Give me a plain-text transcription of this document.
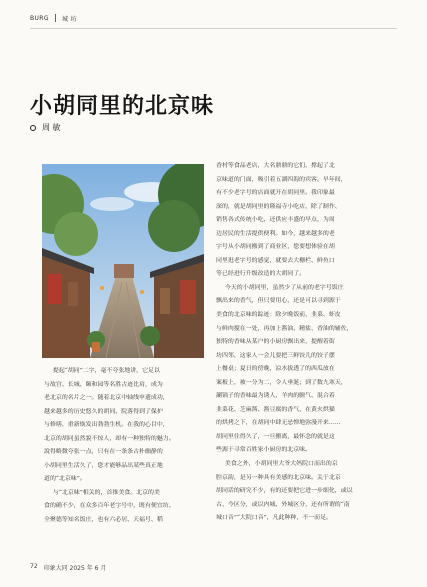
BURG 城 坊
小胡同里的北京味
周 敏

提起“胡同”二字，毫不夸张地讲，它足以

与故宫、长城、颐和园等名胜古迹比肩，成为

老北京的名片之一。随着北京中轴线申遗成功，

越来越多的历史悠久的胡同、院落得到了保护

与修缮，重新焕发出勃勃生机。在我的心目中，

北京的胡同虽然貌不惊人，却有一种独特的魅力。

說得略微夸张一点，只有在一条条古朴幽静的

小胡同里生活久了，您才能够品出某些真正地

道的“北京味”。

与“北京味”相关的，首推美食。北京的美

食的确不少，在众多百年老字号中，既有便宜坊、

全聚德等知名饭庄，也有六必居、天福号、稻

香村等食品老店，大名鼎鼎的它们，撑起了北

京味道的门面，吸引着五湖四海的宾客。早年间，

有不少老字号的店面就开在胡同里。我印象最

深的，就是胡同里的隆福寺小吃店，除了制作、

销售各式传统小吃，还供应丰盛的早点，为周

边居民的生活提供便利。如今，越来越多的老

字号从小胡同搬到了商业区，您要想体验在胡

同里逛老字号的感觉，就要去大栅栏、鲜鱼口

等已经进行升级改造的大胡同了。

今天的小胡同里，虽然少了从前的老字号饭庄

飘出来的香气，但只要用心，还是可以寻到源于

美食的北京味的踪迹：除夕晚饭前，韭菜、虾皮

与鲜肉搅在一处，再加上酱油、精盐、香油的辅佐，

独特的香味从某户的小厨房飘出来，提醒着街

坊四邻，这家人一会儿要把三鲜饺儿的饺子摆

上餐桌；夏日的傍晚，凉水拔透了的西瓜放在

案板上，被一分为二，令人垂涎；到了数九寒天，

涮锅子的香味最为诱人，羊肉的膻气、混合着

韭菜花、芝麻酱、酱豆腐的香气，在黄火烘猫

的烘拷之下，在胡同中肆无忌惮地弥漫开来……

胡同里住得久了，一旦搬离，最怀念的就是这

些源于寻常百姓家小厨房的北京味。

美食之外，小胡同里大爷大妈院口而出的京

腔京韵，是另一种具有美感的北京味。关于北京

胡同话的研究不少，有的还要把它进一步细化，或以

古、今区分，或以内城、外城区分，还有所谓的“南

城口音”“大院口音”，凡此种种，不一而足。

72 印象大同 2025 年 6 月
